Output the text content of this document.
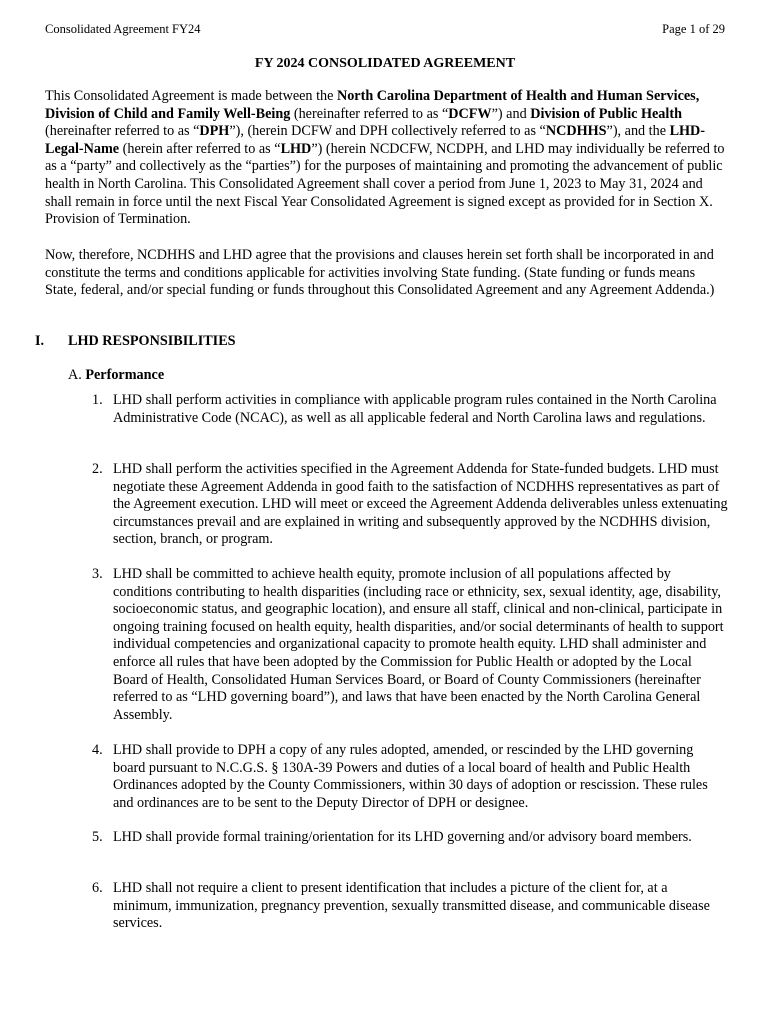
Consolidated Agreement FY24	Page 1 of 29
FY 2024 CONSOLIDATED AGREEMENT

This Consolidated Agreement is made between the North Carolina Department of Health and Human Services, Division of Child and Family Well-Being (hereinafter referred to as “DCFW”) and Division of Public Health (hereinafter referred to as “DPH”), (herein DCFW and DPH collectively referred to as “NCDHHS”), and the LHD-Legal-Name (herein after referred to as “LHD”) (herein NCDCFW, NCDPH, and LHD may individually be referred to as a “party” and collectively as the “parties”) for the purposes of maintaining and promoting the advancement of public health in North Carolina. This Consolidated Agreement shall cover a period from June 1, 2023 to May 31, 2024 and shall remain in force until the next Fiscal Year Consolidated Agreement is signed except as provided for in Section X. Provision of Termination.

Now, therefore, NCDHHS and LHD agree that the provisions and clauses herein set forth shall be incorporated in and constitute the terms and conditions applicable for activities involving State funding. (State funding or funds means State, federal, and/or special funding or funds throughout this Consolidated Agreement and any Agreement Addenda.)

I. LHD RESPONSIBILITIES
A. Performance
1. LHD shall perform activities in compliance with applicable program rules contained in the North Carolina Administrative Code (NCAC), as well as all applicable federal and North Carolina laws and regulations.
2. LHD shall perform the activities specified in the Agreement Addenda for State-funded budgets. LHD must negotiate these Agreement Addenda in good faith to the satisfaction of NCDHHS representatives as part of the Agreement execution. LHD will meet or exceed the Agreement Addenda deliverables unless extenuating circumstances prevail and are explained in writing and subsequently approved by the NCDHHS division, section, branch, or program.
3. LHD shall be committed to achieve health equity, promote inclusion of all populations affected by conditions contributing to health disparities (including race or ethnicity, sex, sexual identity, age, disability, socioeconomic status, and geographic location), and ensure all staff, clinical and non-clinical, participate in ongoing training focused on health equity, health disparities, and/or social determinants of health to support individual competencies and organizational capacity to promote health equity. LHD shall administer and enforce all rules that have been adopted by the Commission for Public Health or adopted by the Local Board of Health, Consolidated Human Services Board, or Board of County Commissioners (hereinafter referred to as “LHD governing board”), and laws that have been enacted by the North Carolina General Assembly.
4. LHD shall provide to DPH a copy of any rules adopted, amended, or rescinded by the LHD governing board pursuant to N.C.G.S. § 130A-39 Powers and duties of a local board of health and Public Health Ordinances adopted by the County Commissioners, within 30 days of adoption or rescission. These rules and ordinances are to be sent to the Deputy Director of DPH or designee.
5. LHD shall provide formal training/orientation for its LHD governing and/or advisory board members.
6. LHD shall not require a client to present identification that includes a picture of the client for, at a minimum, immunization, pregnancy prevention, sexually transmitted disease, and communicable disease services.
